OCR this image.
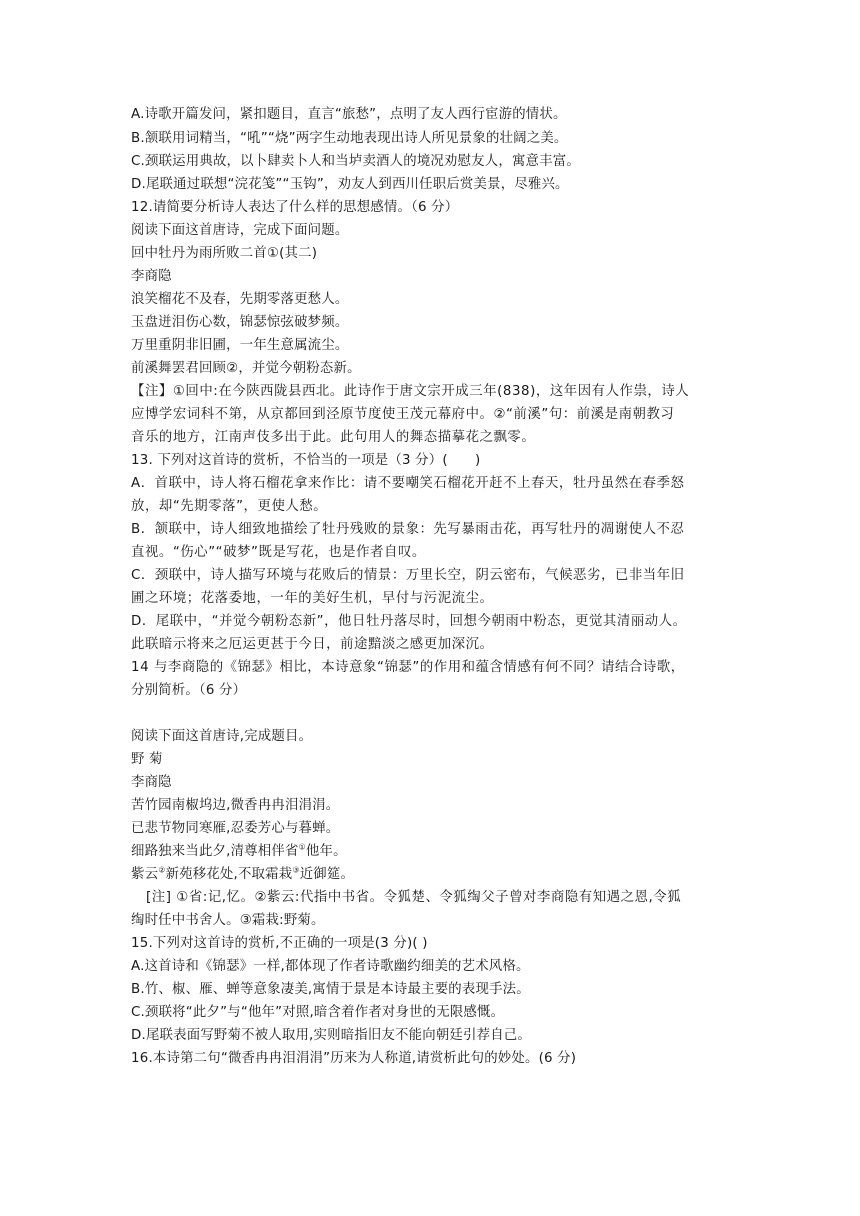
A.诗歌开篇发问，紧扣题目，直言“旅愁”，点明了友人西行宦游的情状。
B.颔联用词精当，“吼”“烧”两字生动地表现出诗人所见景象的壮阔之美。
C.颈联运用典故，以卜肆卖卜人和当垆卖酒人的境况劝慰友人，寓意丰富。
D.尾联通过联想“浣花笺”“玉钩”，劝友人到西川任职后赏美景，尽雅兴。
12.请简要分析诗人表达了什么样的思想感情。（6 分）
阅读下面这首唐诗，完成下面问题。
回中牡丹为雨所败二首①(其二)
李商隐
浪笑榴花不及春，先期零落更愁人。
玉盘迸泪伤心数，锦瑟惊弦破梦频。
万里重阴非旧圃，一年生意属流尘。
前溪舞罢君回顾②，并觉今朝粉态新。
【注】①回中:在今陕西陇县西北。此诗作于唐文宗开成三年(838)，这年因有人作祟，诗人
应博学宏词科不第，从京都回到泾原节度使王茂元幕府中。②“前溪”句：前溪是南朝教习
音乐的地方，江南声伎多出于此。此句用人的舞态描摹花之飘零。
13. 下列对这首诗的赏析，不恰当的一项是（3 分）(　　)
A．首联中，诗人将石榴花拿来作比：请不要嘲笑石榴花开赶不上春天，牡丹虽然在春季怒
放，却“先期零落”，更使人愁。
B．颔联中，诗人细致地描绘了牡丹残败的景象：先写暴雨击花，再写牡丹的凋谢使人不忍
直视。“伤心”“破梦”既是写花，也是作者自叹。
C．颈联中，诗人描写环境与花败后的情景：万里长空，阴云密布，气候恶劣，已非当年旧
圃之环境；花落委地，一年的美好生机，早付与污泥流尘。
D．尾联中，“并觉今朝粉态新”，他日牡丹落尽时，回想今朝雨中粉态，更觉其清丽动人。
此联暗示将来之厄运更甚于今日，前途黯淡之感更加深沉。
14 与李商隐的《锦瑟》相比，本诗意象“锦瑟”的作用和蕴含情感有何不同？请结合诗歌，
分别简析。（6 分）
阅读下面这首唐诗,完成题目。
野 菊
李商隐
苦竹园南椒坞边,微香冉冉泪涓涓。
已悲节物同寒雁,忍委芳心与暮蝉。
细路独来当此夕,清尊相伴省①他年。
紫云②新苑移花处,不取霜栽③近御筵。
[注] ①省:记,忆。②紫云:代指中书省。令狐楚、令狐绹父子曾对李商隐有知遇之恩,令狐
绹时任中书舍人。③霜栽:野菊。
15.下列对这首诗的赏析,不正确的一项是(3 分)( )
A.这首诗和《锦瑟》一样,都体现了作者诗歌幽约细美的艺术风格。
B.竹、椒、雁、蝉等意象凄美,寓情于景是本诗最主要的表现手法。
C.颈联将“此夕”与“他年”对照,暗含着作者对身世的无限感慨。
D.尾联表面写野菊不被人取用,实则暗指旧友不能向朝廷引荐自己。
16.本诗第二句“微香冉冉泪涓涓”历来为人称道,请赏析此句的妙处。(6 分)
